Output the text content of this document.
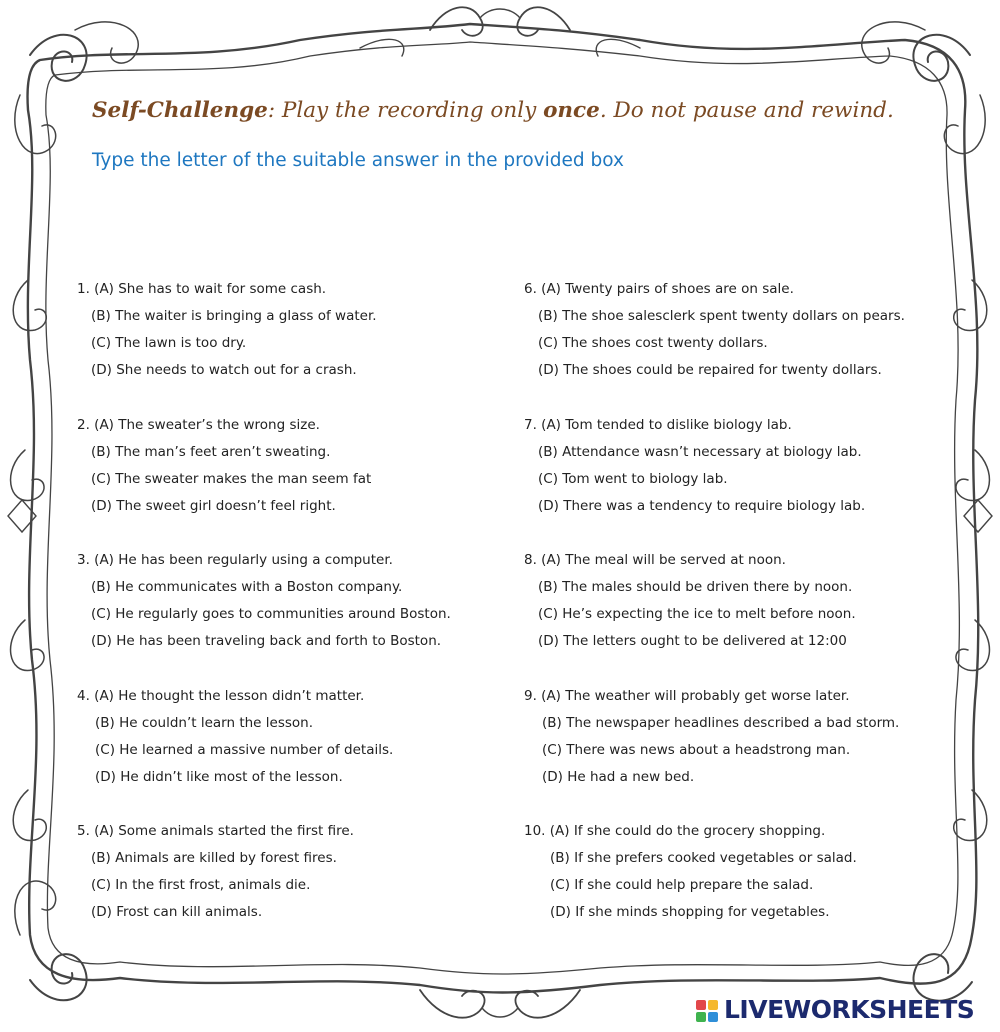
Self-Challenge: Play the recording only once. Do not pause and rewind.

Type the letter of the suitable answer in the provided box

1. (A) She has to wait for some cash.
(B) The waiter is bringing a glass of water.
(C) The lawn is too dry.
(D) She needs to watch out for a crash.
2. (A) The sweater’s the wrong size.
(B) The man’s feet aren’t sweating.
(C) The sweater makes the man seem fat
(D) The sweet girl doesn’t feel right.
3. (A) He has been regularly using a computer.
(B) He communicates with a Boston company.
(C) He regularly goes to communities around Boston.
(D) He has been traveling back and forth to Boston.
4. (A) He thought the lesson didn’t matter.
(B) He couldn’t learn the lesson.
(C) He learned a massive number of details.
(D) He didn’t like most of the lesson.
5. (A) Some animals started the first fire.
(B) Animals are killed by forest fires.
(C) In the first frost, animals die.
(D) Frost can kill animals.
6. (A) Twenty pairs of shoes are on sale.
(B) The shoe salesclerk spent twenty dollars on pears.
(C) The shoes cost twenty dollars.
(D) The shoes could be repaired for twenty dollars.
7. (A) Tom tended to dislike biology lab.
(B) Attendance wasn’t necessary at biology lab.
(C) Tom went to biology lab.
(D) There was a tendency to require biology lab.
8. (A) The meal will be served at noon.
(B) The males should be driven there by noon.
(C) He’s expecting the ice to melt before noon.
(D) The letters ought to be delivered at 12:00
9. (A) The weather will probably get worse later.
(B) The newspaper headlines described a bad storm.
(C) There was news about a headstrong man.
(D) He had a new bed.
10. (A) If she could do the grocery shopping.
(B) If she prefers cooked vegetables or salad.
(C) If she could help prepare the salad.
(D) If she minds shopping for vegetables.
LIVEWORKSHEETS
